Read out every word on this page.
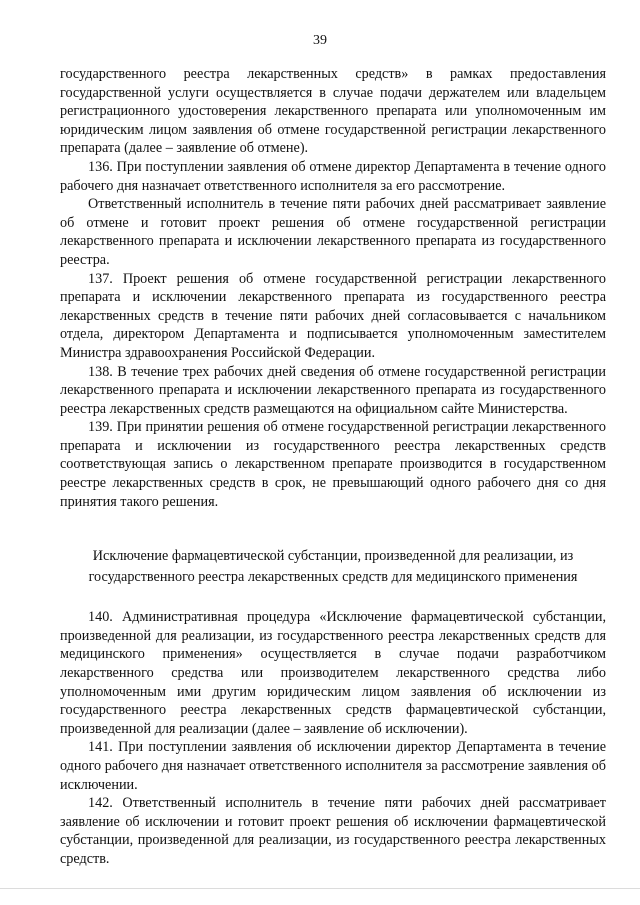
39

государственного реестра лекарственных средств» в рамках предоставления государственной услуги осуществляется в случае подачи держателем или владельцем регистрационного удостоверения лекарственного препарата или уполномоченным им юридическим лицом заявления об отмене государственной регистрации лекарственного препарата (далее – заявление об отмене).

136. При поступлении заявления об отмене директор Департамента в течение одного рабочего дня назначает ответственного исполнителя за его рассмотрение.

Ответственный исполнитель в течение пяти рабочих дней рассматривает заявление об отмене и готовит проект решения об отмене государственной регистрации лекарственного препарата и исключении лекарственного препарата из государственного реестра.

137. Проект решения об отмене государственной регистрации лекарственного препарата и исключении лекарственного препарата из государственного реестра лекарственных средств в течение пяти рабочих дней согласовывается с начальником отдела, директором Департамента и подписывается уполномоченным заместителем Министра здравоохранения Российской Федерации.

138. В течение трех рабочих дней сведения об отмене государственной регистрации лекарственного препарата и исключении лекарственного препарата из государственного реестра лекарственных средств размещаются на официальном сайте Министерства.

139. При принятии решения об отмене государственной регистрации лекарственного препарата и исключении из государственного реестра лекарственных средств соответствующая запись о лекарственном препарате производится в государственном реестре лекарственных средств в срок, не превышающий одного рабочего дня со дня принятия такого решения.

Исключение фармацевтической субстанции, произведенной для реализации, из государственного реестра лекарственных средств для медицинского применения

140. Административная процедура «Исключение фармацевтической субстанции, произведенной для реализации, из государственного реестра лекарственных средств для медицинского применения» осуществляется в случае подачи разработчиком лекарственного средства или производителем лекарственного средства либо уполномоченным ими другим юридическим лицом заявления об исключении из государственного реестра лекарственных средств фармацевтической субстанции, произведенной для реализации (далее – заявление об исключении).

141. При поступлении заявления об исключении директор Департамента в течение одного рабочего дня назначает ответственного исполнителя за рассмотрение заявления об исключении.

142. Ответственный исполнитель в течение пяти рабочих дней рассматривает заявление об исключении и готовит проект решения об исключении фармацевтической субстанции, произведенной для реализации, из государственного реестра лекарственных средств.
